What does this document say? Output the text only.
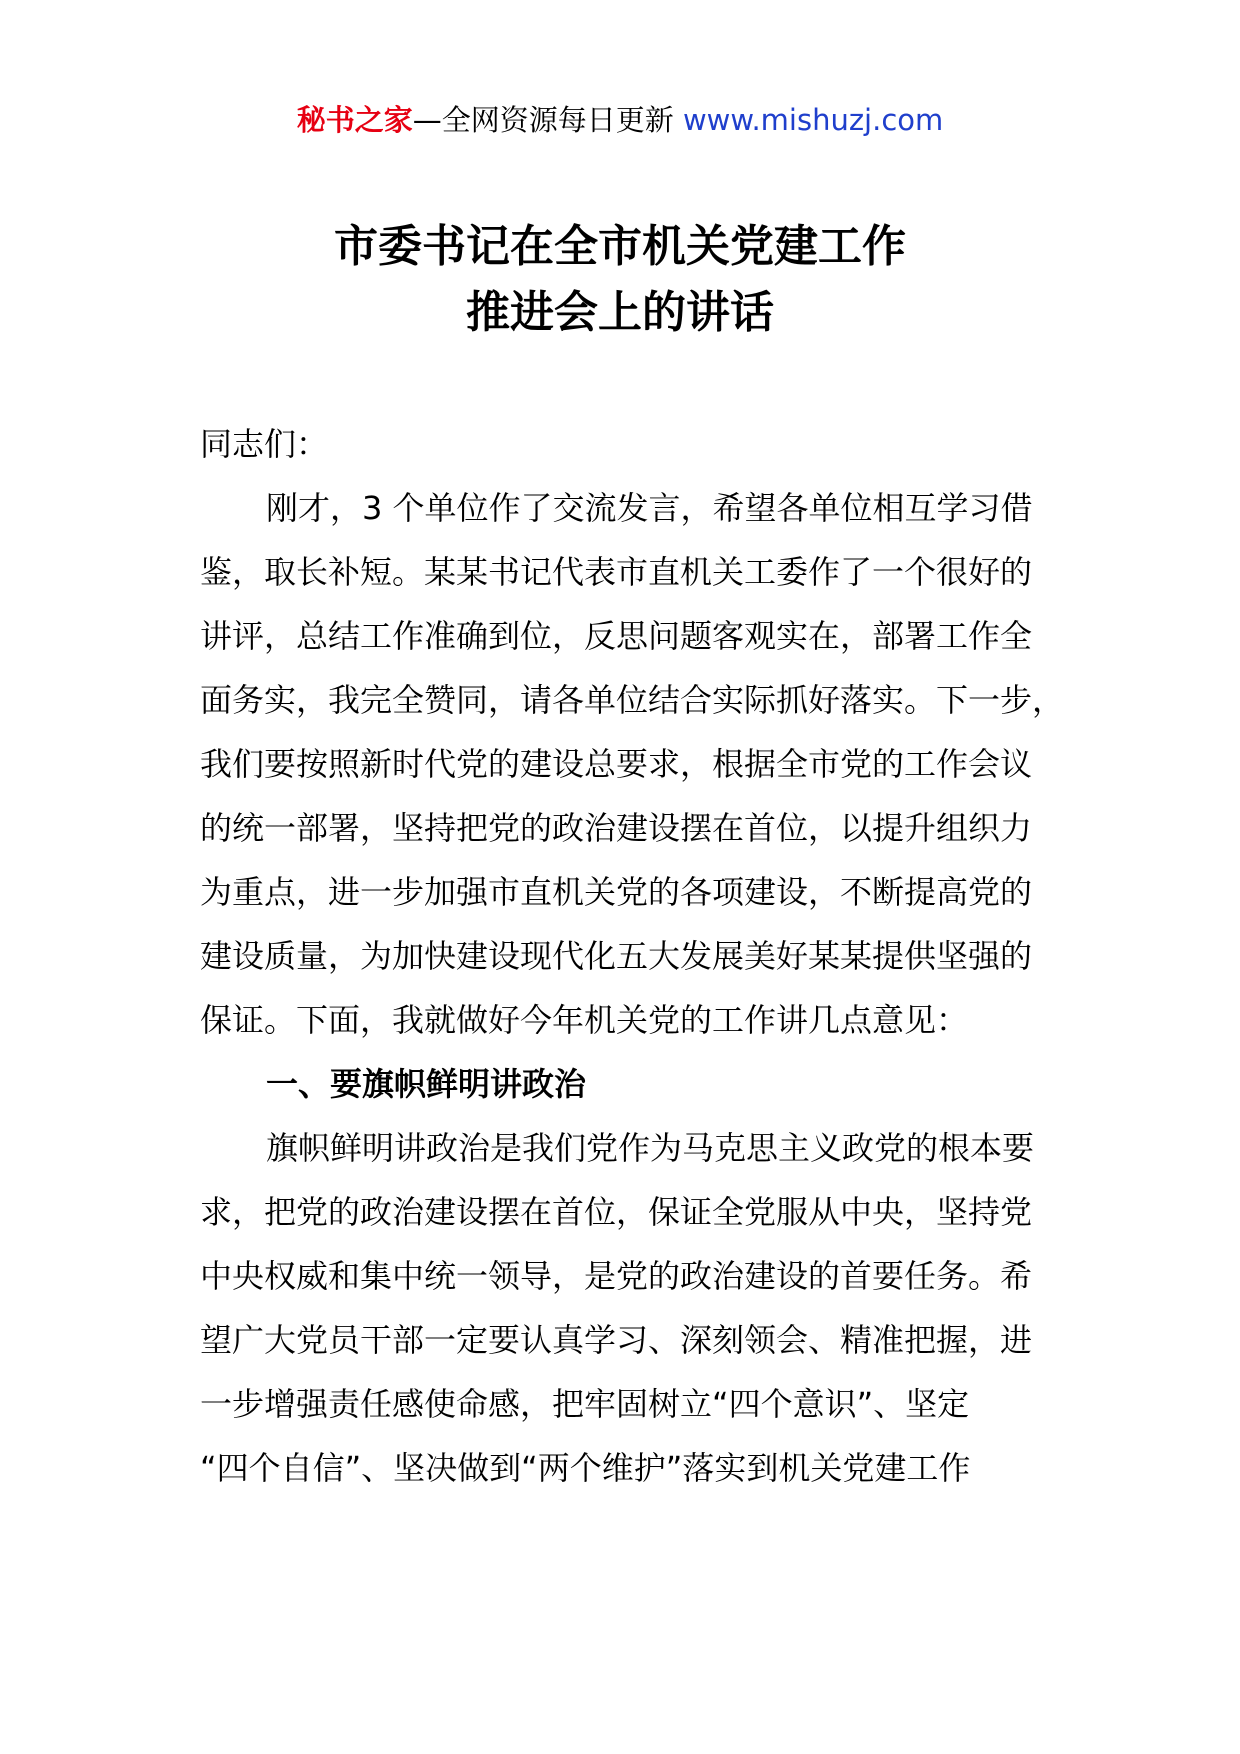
秘书之家—全网资源每日更新 www.mishuzj.com
市委书记在全市机关党建工作
推进会上的讲话
同志们：
刚才，3 个单位作了交流发言，希望各单位相互学习借
鉴，取长补短。某某书记代表市直机关工委作了一个很好的
讲评，总结工作准确到位，反思问题客观实在，部署工作全
面务实，我完全赞同，请各单位结合实际抓好落实。下一步，
我们要按照新时代党的建设总要求，根据全市党的工作会议
的统一部署，坚持把党的政治建设摆在首位，以提升组织力
为重点，进一步加强市直机关党的各项建设，不断提高党的
建设质量，为加快建设现代化五大发展美好某某提供坚强的
保证。下面，我就做好今年机关党的工作讲几点意见：
一、要旗帜鲜明讲政治
旗帜鲜明讲政治是我们党作为马克思主义政党的根本要
求，把党的政治建设摆在首位，保证全党服从中央，坚持党
中央权威和集中统一领导，是党的政治建设的首要任务。希
望广大党员干部一定要认真学习、深刻领会、精准把握，进
一步增强责任感使命感，把牢固树立“四个意识”、坚定
“四个自信”、坚决做到“两个维护”落实到机关党建工作
